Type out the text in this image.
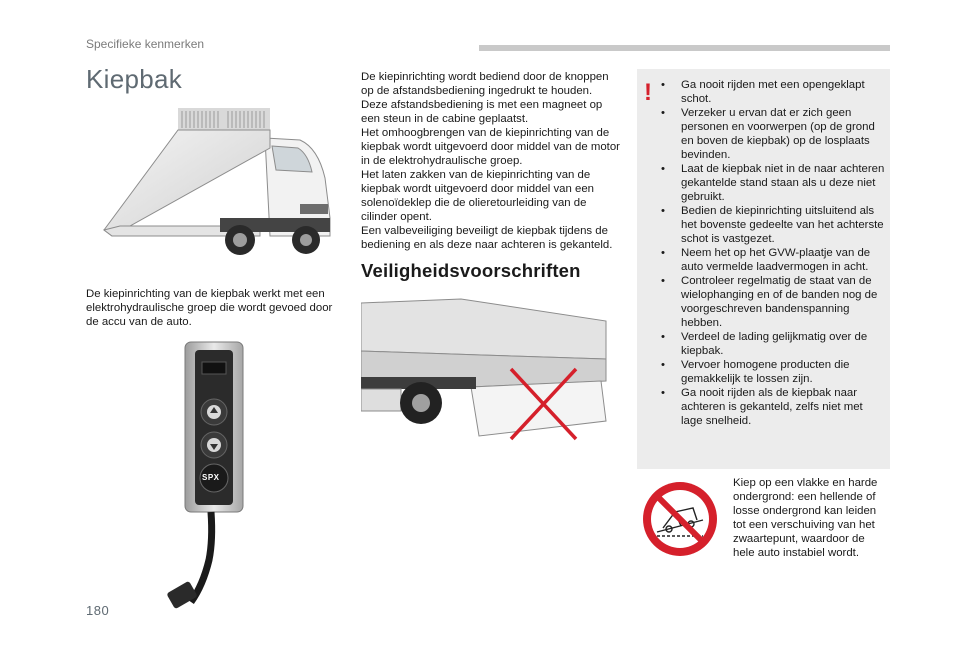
Specifieke kenmerken
Kiepbak

De kiepinrichting van de kiepbak werkt met een elektrohydraulische groep die wordt gevoed door de accu van de auto.

SPX
180

De kiepinrichting wordt bediend door de knoppen op de afstandsbediening ingedrukt te houden. Deze afstandsbediening is met een magneet op een steun in de cabine geplaatst.

Het omhoogbrengen van de kiepinrichting van de kiepbak wordt uitgevoerd door middel van de motor in de elektrohydraulische groep.

Het laten zakken van de kiepinrichting van de kiepbak wordt uitgevoerd door middel van een solenoïdeklep die de olieretourleiding van de cilinder opent.

Een valbeveiliging beveiligt de kiepbak tijdens de bediening en als deze naar achteren is gekanteld.

Veiligheidsvoorschriften
! • Ga nooit rijden met een opengeklapt schot.
• Verzeker u ervan dat er zich geen personen en voorwerpen (op de grond en boven de kiepbak) op de losplaats bevinden.
• Laat de kiepbak niet in de naar achteren gekantelde stand staan als u deze niet gebruikt.
• Bedien de kiepinrichting uitsluitend als het bovenste gedeelte van het achterste schot is vastgezet.
• Neem het op het GVW-plaatje van de auto vermelde laadvermogen in acht.
• Controleer regelmatig de staat van de wielophanging en of de banden nog de voorgeschreven bandenspanning hebben.
• Verdeel de lading gelijkmatig over de kiepbak.
• Vervoer homogene producten die gemakkelijk te lossen zijn.
• Ga nooit rijden als de kiepbak naar achteren is gekanteld, zelfs niet met lage snelheid.

Kiep op een vlakke en harde ondergrond: een hellende of losse ondergrond kan leiden tot een verschuiving van het zwaartepunt, waardoor de hele auto instabiel wordt.
